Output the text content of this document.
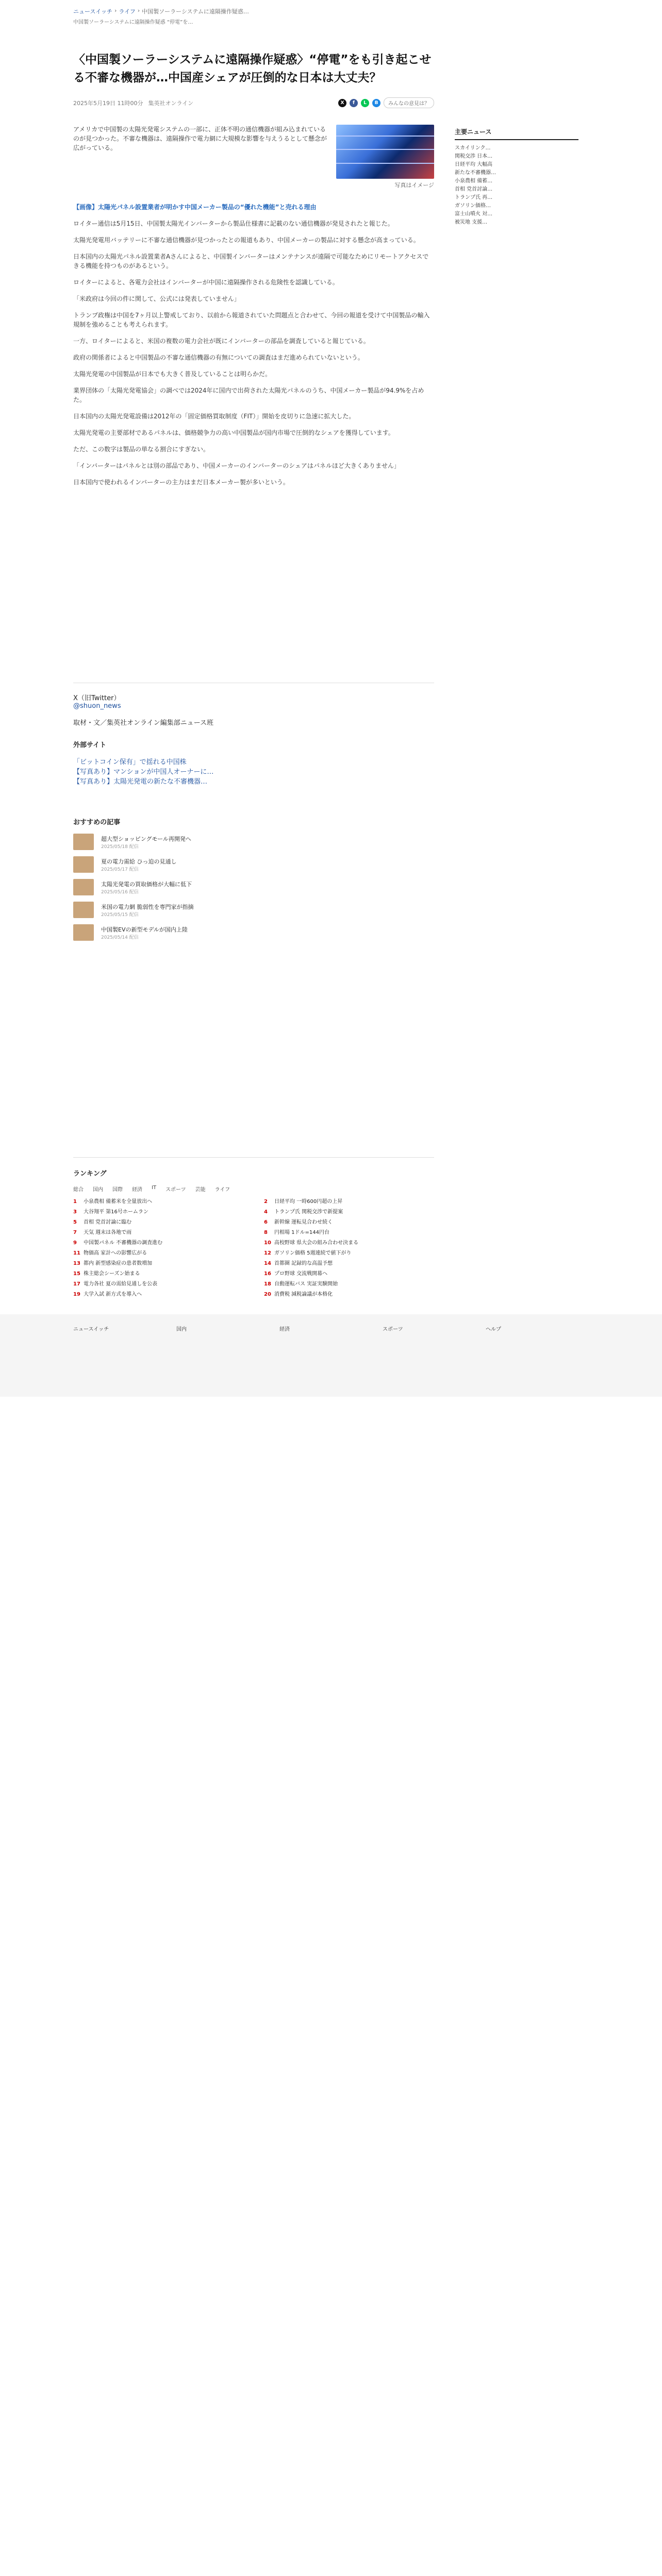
ニュースイッチ › ライフ › 中国製ソーラーシステムに遠隔操作疑惑…
中国製ソーラーシステムに遠隔操作疑惑 “停電”を…
〈中国製ソーラーシステムに遠隔操作疑惑〉“停電”をも引き起こせる不審な機器が…中国産シェアが圧倒的な日本は大丈夫？
2025年5月19日 11時00分 集英社オンライン	X	f	L	B	みんなの意見は？

アメリカで中国製の太陽光発電システムの一部に、正体不明の通信機器が組み込まれているのが見つかった。不審な機器は、遠隔操作で電力網に大規模な影響を与えうるとして懸念が広がっている。

写真はイメージ

【画像】太陽光パネル設置業者が明かす中国メーカー製品の“優れた機能”と売れる理由

ロイター通信は5月15日、中国製太陽光インバーターから製品仕様書に記載のない通信機器が発見されたと報じた。

太陽光発電用バッテリーに不審な通信機器が見つかったとの報道もあり、中国メーカーの製品に対する懸念が高まっている。

日本国内の太陽光パネル設置業者Aさんによると、中国製インバーターはメンテナンスが遠隔で可能なためにリモートアクセスできる機能を持つものがあるという。

ロイターによると、各電力会社はインバーターが中国に遠隔操作される危険性を認識している。

「米政府は今回の件に関して、公式には発表していません」

トランプ政権は中国を7ヶ月以上警戒しており、以前から報道されていた問題点と合わせて、今回の報道を受けて中国製品の輸入規制を強めることも考えられます。

一方、ロイターによると、米国の複数の電力会社が既にインバーターの部品を調査していると報じている。

政府の関係者によると中国製品の不審な通信機器の有無についての調査はまだ進められていないという。

太陽光発電の中国製品が日本でも大きく普及していることは明らかだ。

業界団体の「太陽光発電協会」の調べでは2024年に国内で出荷された太陽光パネルのうち、中国メーカー製品が94.9%を占めた。

日本国内の太陽光発電設備は2012年の「固定価格買取制度（FIT）」開始を皮切りに急速に拡大した。

太陽光発電の主要部材であるパネルは、価格競争力の高い中国製品が国内市場で圧倒的なシェアを獲得しています。

ただ、この数字は製品の単なる割合にすぎない。

「インバーターはパネルとは別の部品であり、中国メーカーのインバーターのシェアはパネルほど大きくありません」

日本国内で使われるインバーターの主力はまだ日本メーカー製が多いという。

X（旧Twitter）
@shuon_news
取材・文／集英社オンライン編集部ニュース班
外部サイト
「ビットコイン保有」で揺れる中国株
【写真あり】マンションが中国人オーナーに…
【写真あり】太陽光発電の新たな不審機器…
おすすめの記事
超大型ショッピングモール再開発へ
2025/05/18 配信
夏の電力需給 ひっ迫の見通し
2025/05/17 配信
太陽光発電の買取価格が大幅に低下
2025/05/16 配信
米国の電力網 脆弱性を専門家が指摘
2025/05/15 配信
中国製EVの新型モデルが国内上陸
2025/05/14 配信
ランキング
総合 国内 国際 経済 IT スポーツ 芸能 ライフ
1	小泉農相 備蓄米を全量放出へ	2	日経平均 一時600円超の上昇
3	大谷翔平 第16号ホームラン	4	トランプ氏 関税交渉で新提案
5	首相 党首討論に臨む	6	新幹線 運転見合わせ続く
7	天気 週末は各地で雨	8	円相場 1ドル=144円台
9	中国製パネル 不審機器の調査進む	10 高校野球 県大会の組み合わせ決まる
11 物価高 家計への影響広がる	12 ガソリン価格 5週連続で値下がり
13 都内 新型感染症の患者数増加	14 首都圏 記録的な高温予想
15 株主総会シーズン始まる	16 プロ野球 交流戦開幕へ
17 電力各社 夏の需給見通しを公表	18 自動運転バス 実証実験開始
19 大学入試 新方式を導入へ	20 消費税 減税論議が本格化
主要ニュース
スカイリンク…
関税交渉 日本…
日経平均 大幅高
新たな不審機器…
小泉農相 備蓄…
首相 党首討論…
トランプ氏 再…
ガソリン価格…
富士山噴火 対…
被災地 支援…
ニュースイッチ	国内	経済	スポーツ	ヘルプ
